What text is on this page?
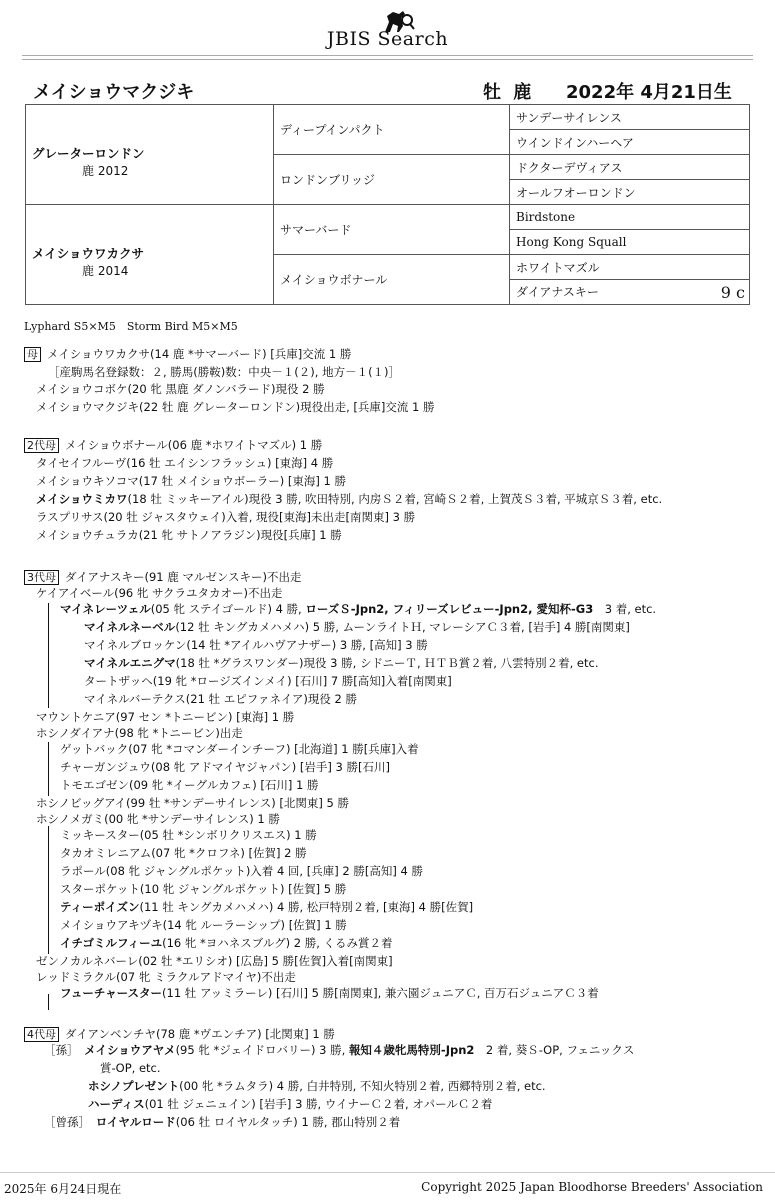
JBIS Search
メイショウマクジキ	牡 鹿 2022年 4月21日生
グレーターロンドン
鹿 2012	ディープインパクト	サンデーサイレンス
		ウインドインハーヘア
	ロンドンブリッジ	ドクターデヴィアス
		オールフオーロンドン

メイショウワカクサ
鹿 2014	サマーバード	Birdstone
		Hong Kong Squall
	メイショウボナール	ホワイトマズル
		ダイアナスキー 9 c
Lyphard S5×M5　Storm Bird M5×M5
母 メイショウワカクサ(14 鹿 *サマーバード) [兵庫]交流 1 勝
［産駒馬名登録数：２, 勝馬(勝鞍)数：中央－１(２), 地方－１(１)］
メイショウコボケ(20 牝 黒鹿 ダノンバラード)現役 2 勝
メイショウマクジキ(22 牡 鹿 グレーターロンドン)現役出走, [兵庫]交流 1 勝
2代母 メイショウボナール(06 鹿 *ホワイトマズル) 1 勝
タイセイフルーヴ(16 牡 エイシンフラッシュ) [東海] 4 勝
メイショウキソコマ(17 牡 メイショウボーラー) [東海] 1 勝
メイショウミカワ(18 牡 ミッキーアイル)現役 3 勝, 吹田特別, 内房Ｓ２着, 宮崎Ｓ２着, 上賀茂Ｓ３着, 平城京Ｓ３着, etc.
ラスプリサス(20 牡 ジャスタウェイ)入着, 現役[東海]未出走[南関東] 3 勝
メイショウチュラカ(21 牝 サトノアラジン)現役[兵庫] 1 勝
3代母 ダイアナスキー(91 鹿 マルゼンスキー)不出走
ケイアイベール(96 牝 サクラユタカオー)不出走
マイネレーツェル(05 牝 ステイゴールド) 4 勝, ローズＳ-Jpn2, フィリーズレビュー-Jpn2, 愛知杯-G3　3 着, etc.
マイネルネーベル(12 牡 キングカメハメハ) 5 勝, ムーンライトＨ, マレーシアＣ３着, [岩手] 4 勝[南関東]
マイネルブロッケン(14 牡 *アイルハヴアナザー) 3 勝, [高知] 3 勝
マイネルエニグマ(18 牡 *グラスワンダー)現役 3 勝, シドニーＴ, ＨＴＢ賞２着, 八雲特別２着, etc.
タートザッヘ(19 牝 *ロージズインメイ) [石川] 7 勝[高知]入着[南関東]
マイネルバーテクス(21 牡 エピファネイア)現役 2 勝
マウントケニア(97 セン *トニービン) [東海] 1 勝
ホシノダイアナ(98 牝 *トニービン)出走
ゲットバック(07 牝 *コマンダーインチーフ) [北海道] 1 勝[兵庫]入着
チャーガンジュウ(08 牝 アドマイヤジャパン) [岩手] 3 勝[石川]
トモエゴゼン(09 牝 *イーグルカフェ) [石川] 1 勝
ホシノビッグアイ(99 牡 *サンデーサイレンス) [北関東] 5 勝
ホシノメガミ(00 牝 *サンデーサイレンス) 1 勝
ミッキースター(05 牡 *シンボリクリスエス) 1 勝
タカオミレニアム(07 牝 *クロフネ) [佐賀] 2 勝
ラポール(08 牝 ジャングルポケット)入着 4 回, [兵庫] 2 勝[高知] 4 勝
スターポケット(10 牝 ジャングルポケット) [佐賀] 5 勝
ティーポイズン(11 牡 キングカメハメハ) 4 勝, 松戸特別２着, [東海] 4 勝[佐賀]
メイショウアキヅキ(14 牝 ルーラーシップ) [佐賀] 1 勝
イチゴミルフィーユ(16 牝 *ヨハネスブルグ) 2 勝, くるみ賞２着
ゼンノカルネバーレ(02 牡 *エリシオ) [広島] 5 勝[佐賀]入着[南関東]
レッドミラクル(07 牝 ミラクルアドマイヤ)不出走
フューチャースター(11 牡 アッミラーレ) [石川] 5 勝[南関東], 兼六園ジュニアＣ, 百万石ジュニアＣ３着
4代母 ダイアンベンチヤ(78 鹿 *ヴエンチア) [北関東] 1 勝
［孫］　 メイショウアヤメ(95 牝 *ジェイドロバリー) 3 勝, 報知４歳牝馬特別-Jpn2　2 着, 葵Ｓ-OP, フェニックス
賞-OP, etc.
ホシノプレゼント(00 牝 *ラムタラ) 4 勝, 白井特別, 不知火特別２着, 西郷特別２着, etc.
ハーディス(01 牡 ジェニュイン) [岩手] 3 勝, ウイナーＣ２着, オパールＣ２着
［曾孫］　 ロイヤルロード(06 牡 ロイヤルタッチ) 1 勝, 郡山特別２着
2025年 6月24日現在	Copyright 2025 Japan Bloodhorse Breeders' Association
